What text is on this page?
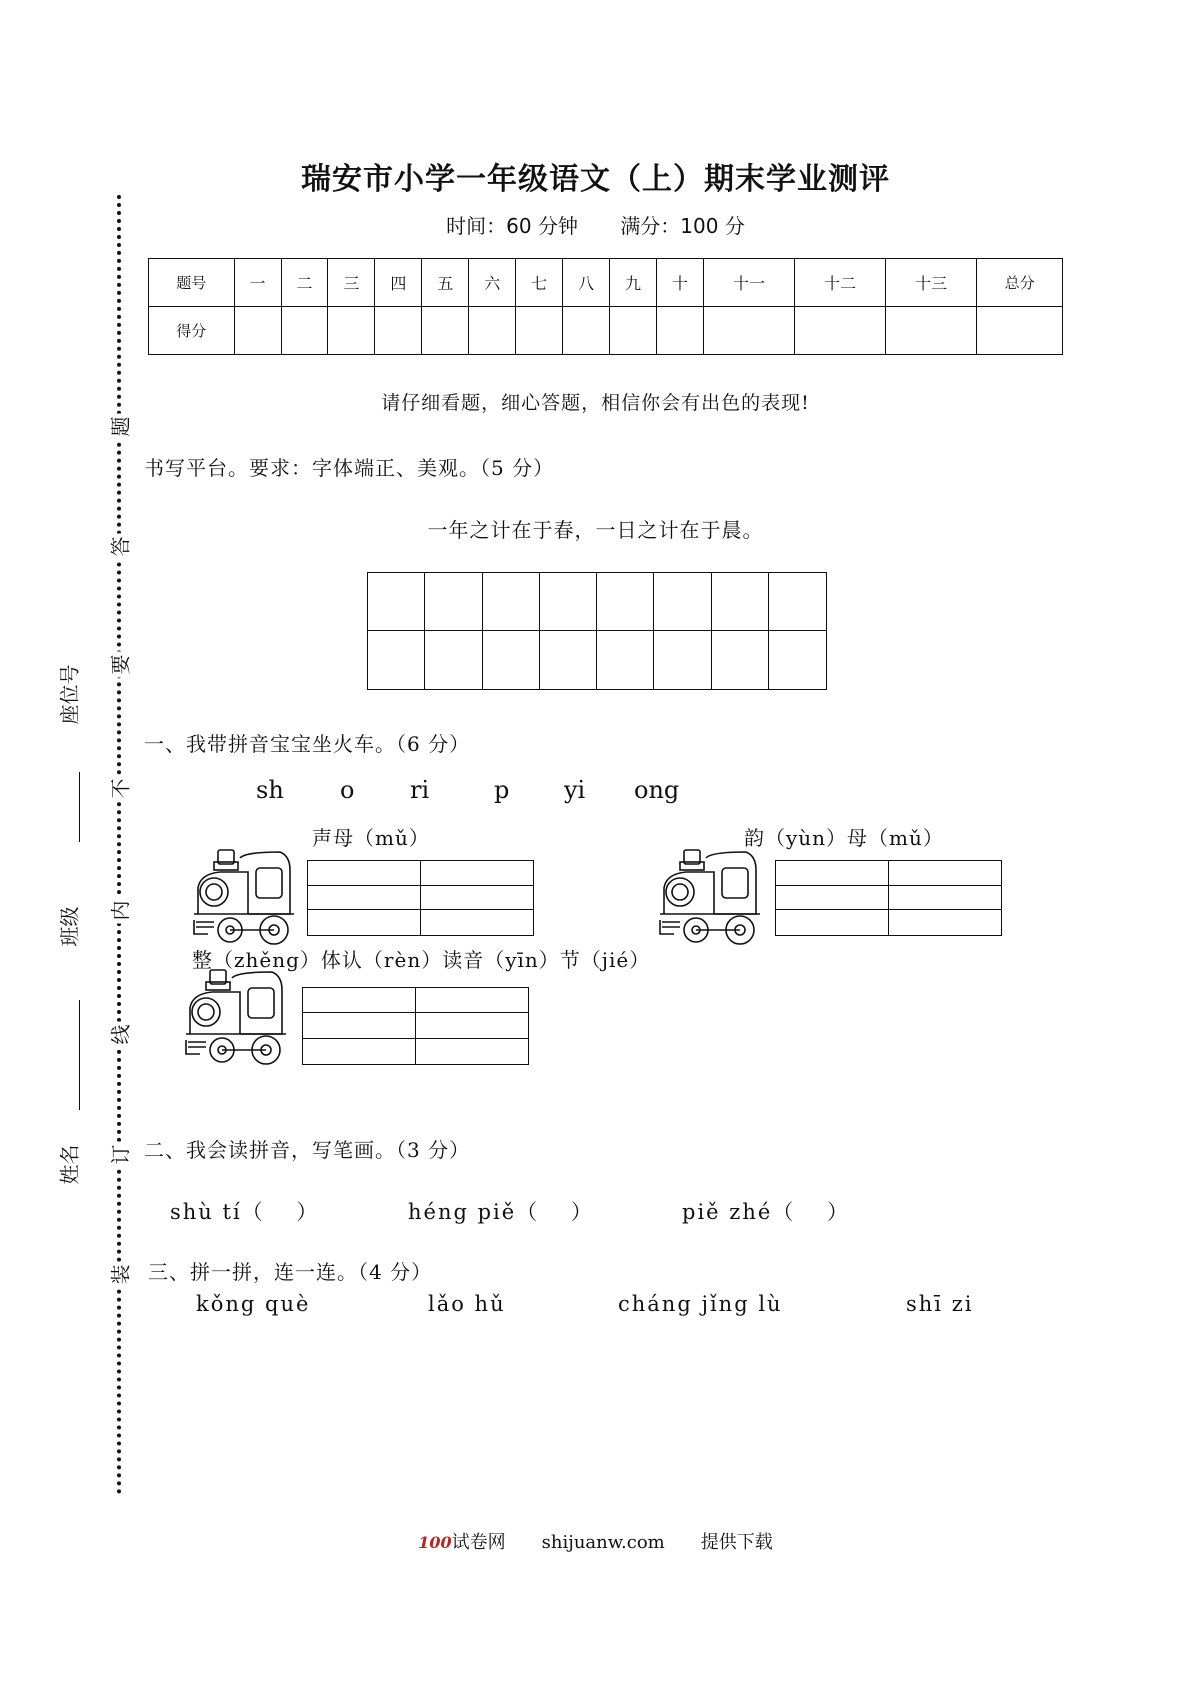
题
答
要
不
内
线
订
装
座位号
班级
姓名
瑞安市小学一年级语文（上）期末学业测评
时间：60 分钟 满分：100 分
题号	一	二	三	四	五	六	七	八	九	十	十一	十二	十三	总分
得分														
请仔细看题，细心答题，相信你会有出色的表现!
书写平台。要求：字体端正、美观。（5 分）
一年之计在于春，一日之计在于晨。
一、我带拼音宝宝坐火车。（6 分）
sh o ri	p yi ong
声母（mǔ）	韵（yùn）母（mǔ）
整（zhěng）体认（rèn）读音（yīn）节（jié）
二、我会读拼音，写笔画。（3 分）
shù tí（　 ）	héng piě（　 ）	piě zhé（　 ）
三、拼一拼，连一连。（4 分）
kǒng què	lǎo hǔ	cháng jǐng lù	shī zi
100试卷网 shijuanw.com 提供下载
